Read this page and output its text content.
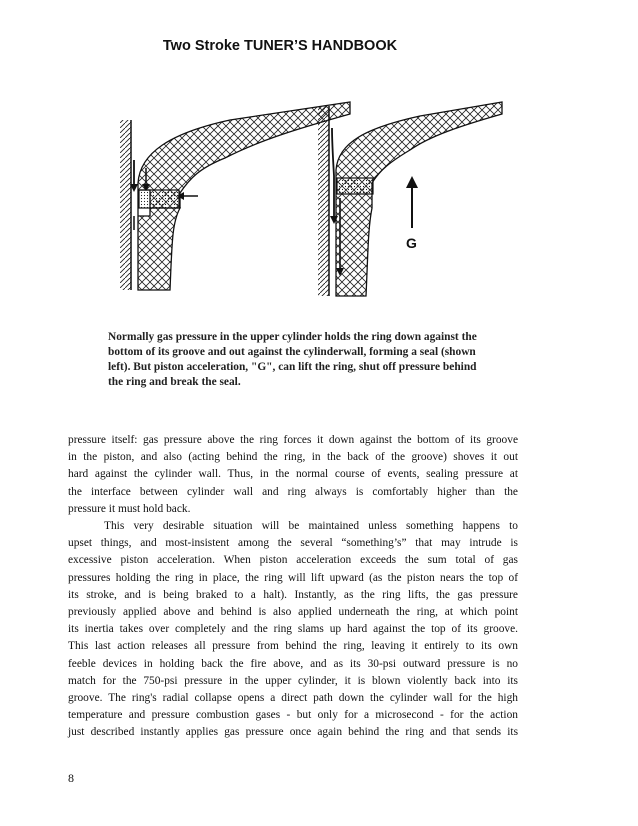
Two Stroke TUNER’S HANDBOOK
G
Normally gas pressure in the upper cylinder holds the ring down against the
bottom of its groove and out against the cylinderwall, forming a seal (shown
left). But piston acceleration, "G", can lift the ring, shut off pressure behind
the ring and break the seal.
pressure itself: gas pressure above the ring forces it down against the bottom of its groove
in the piston, and also (acting behind the ring, in the back of the groove) shoves it out
hard against the cylinder wall. Thus, in the normal course of events, sealing pressure at
the interface between cylinder wall and ring always is comfortably higher than the
pressure it must hold back.
This very desirable situation will be maintained unless something happens to
upset things, and most-insistent among the several “something’s” that may intrude is
excessive piston acceleration. When piston acceleration exceeds the sum total of gas
pressures holding the ring in place, the ring will lift upward (as the piston nears the top of
its stroke, and is being braked to a halt). Instantly, as the ring lifts, the gas pressure
previously applied above and behind is also applied underneath the ring, at which point
its inertia takes over completely and the ring slams up hard against the top of its groove.
This last action releases all pressure from behind the ring, leaving it entirely to its own
feeble devices in holding back the fire above, and as its 30-psi outward pressure is no
match for the 750-psi pressure in the upper cylinder, it is blown violently back into its
groove. The ring's radial collapse opens a direct path down the cylinder wall for the high
temperature and pressure combustion gases - but only for a microsecond - for the action
just described instantly applies gas pressure once again behind the ring and that sends its
8
